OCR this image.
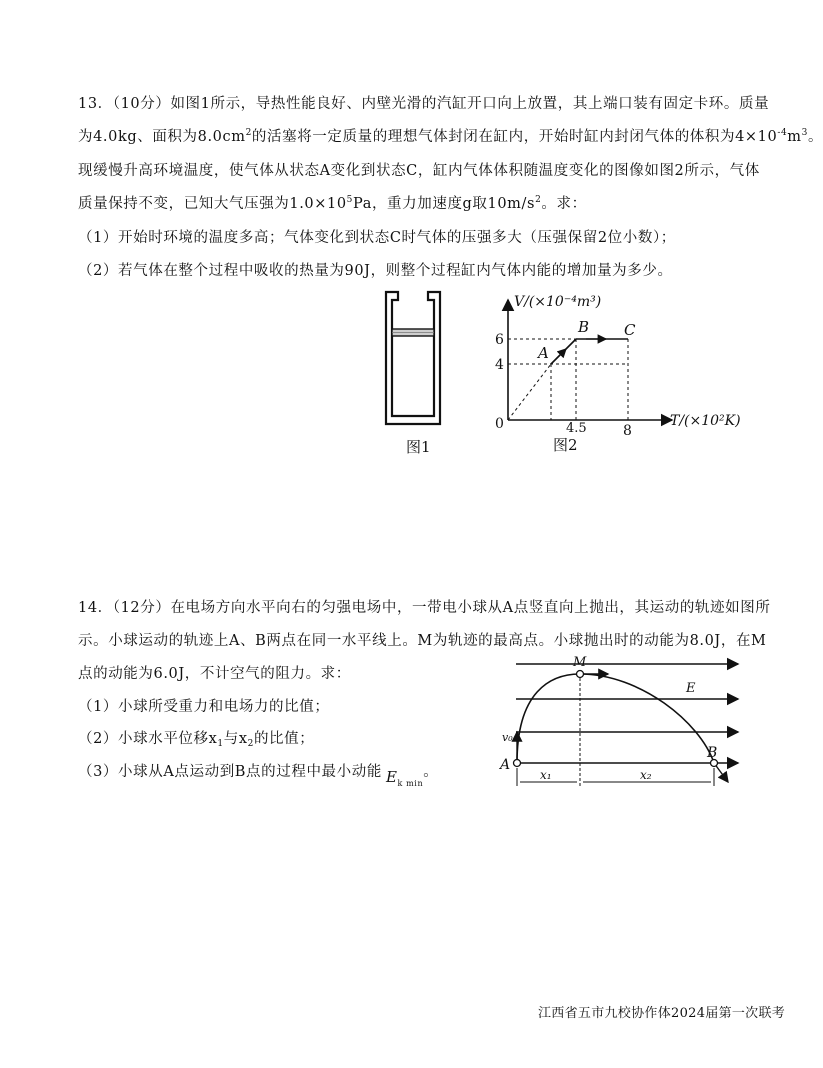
13．（10分）如图1所示，导热性能良好、内壁光滑的汽缸开口向上放置，其上端口装有固定卡环。质量
为4.0kg、面积为$8.0cm^2$的活塞将一定质量的理想气体封闭在缸内，开始时缸内封闭气体的体积为$4\times 10^{-4}m^3$。
现缓慢升高环境温度，使气体从状态A变化到状态C，缸内气体体积随温度变化的图像如图2所示，气体
质量保持不变，已知大气压强为$1.0\times 10^5Pa$，重力加速度g取$10m/s^2$。求：
（1）开始时环境的温度多高；气体变化到状态C时气体的压强多大（压强保留2位小数）；
（2）若气体在整个过程中吸收的热量为90J，则整个过程缸内气体内能的增加量为多少。
图1
V/(×10⁻⁴m³)
T/(×10²K)
0
6
4
4.5	8
A
B C
图2
14．（12分）在电场方向水平向右的匀强电场中，一带电小球从A点竖直向上抛出，其运动的轨迹如图所
示。小球运动的轨迹上A、B两点在同一水平线上。M为轨迹的最高点。小球抛出时的动能为8.0J，在M
点的动能为6.0J，不计空气的阻力。求：
（1）小球所受重力和电场力的比值；
（2）小球水平位移$x_1$与$x_2$的比值；
（3）小球从A点运动到B点的过程中最小动能 $E_{k min}$。
M
E
v₀
A
B
x₁	x₂
江西省五市九校协作体2024届第一次联考
